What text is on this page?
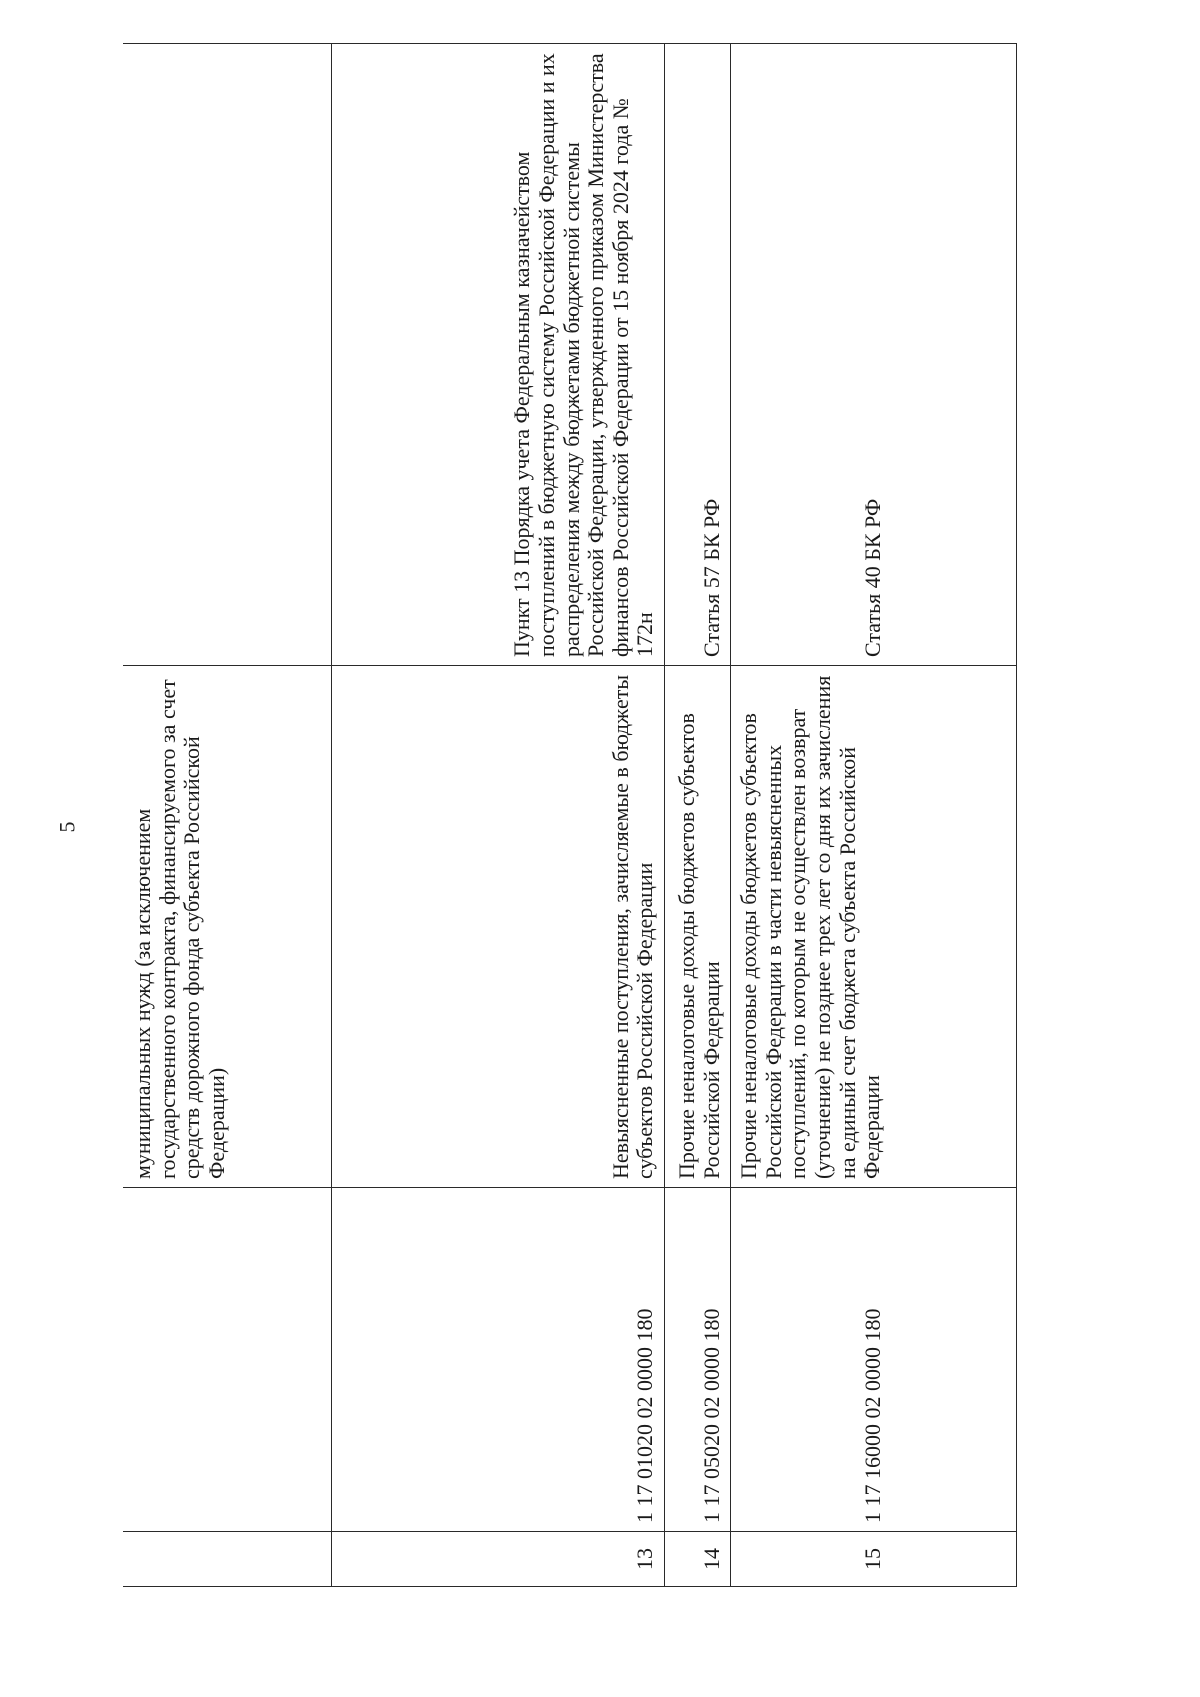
5
		муниципальных нужд (за исключением государственного контракта, финансируемого за счет средств дорожного фонда субъекта Российской Федерации)	
13	1 17 01020 02 0000 180	Невыясненные поступления, зачисляемые в бюджеты субъектов Российской Федерации	Пункт 13 Порядка учета Федеральным казначейством поступлений в бюджетную систему Российской Федерации и их распределения между бюджетами бюджетной системы Российской Федерации, утвержденного приказом Министерства финансов Российской Федерации от 15 ноября 2024 года № 172н
14	1 17 05020 02 0000 180	Прочие неналоговые доходы бюджетов субъектов Российской Федерации	Статья 57 БК РФ
15	1 17 16000 02 0000 180	Прочие неналоговые доходы бюджетов субъектов Российской Федерации в части невыясненных поступлений, по которым не осуществлен возврат (уточнение) не позднее трех лет со дня их зачисления на единый счет бюджета субъекта Российской Федерации	Статья 40 БК РФ
